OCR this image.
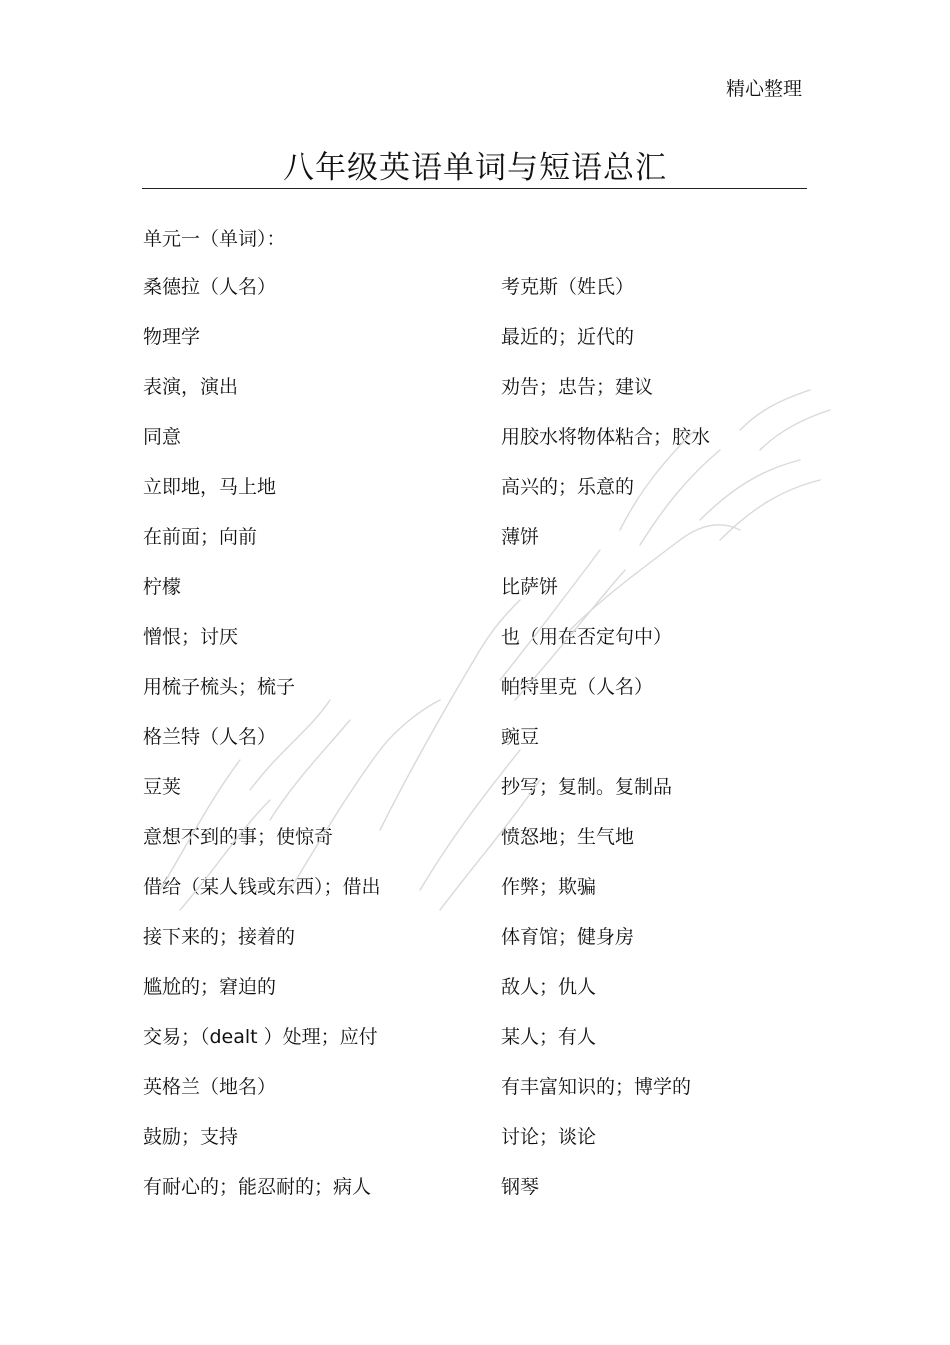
精心整理
八年级英语单词与短语总汇
单元一（单词）：
桑德拉（人名）	考克斯（姓氏）
物理学	最近的；近代的
表演，演出	劝告；忠告；建议
同意	用胶水将物体粘合；胶水
立即地，马上地	高兴的；乐意的
在前面；向前	薄饼
柠檬	比萨饼
憎恨；讨厌	也（用在否定句中）
用梳子梳头；梳子	帕特里克（人名）
格兰特（人名）	豌豆
豆荚	抄写；复制。复制品
意想不到的事；使惊奇	愤怒地；生气地
借给（某人钱或东西）；借出	作弊；欺骗
接下来的；接着的	体育馆；健身房
尴尬的；窘迫的	敌人；仇人
交易；（dealt ）处理；应付	某人；有人
英格兰（地名）	有丰富知识的；博学的
鼓励；支持	讨论；谈论
有耐心的；能忍耐的；病人	钢琴
